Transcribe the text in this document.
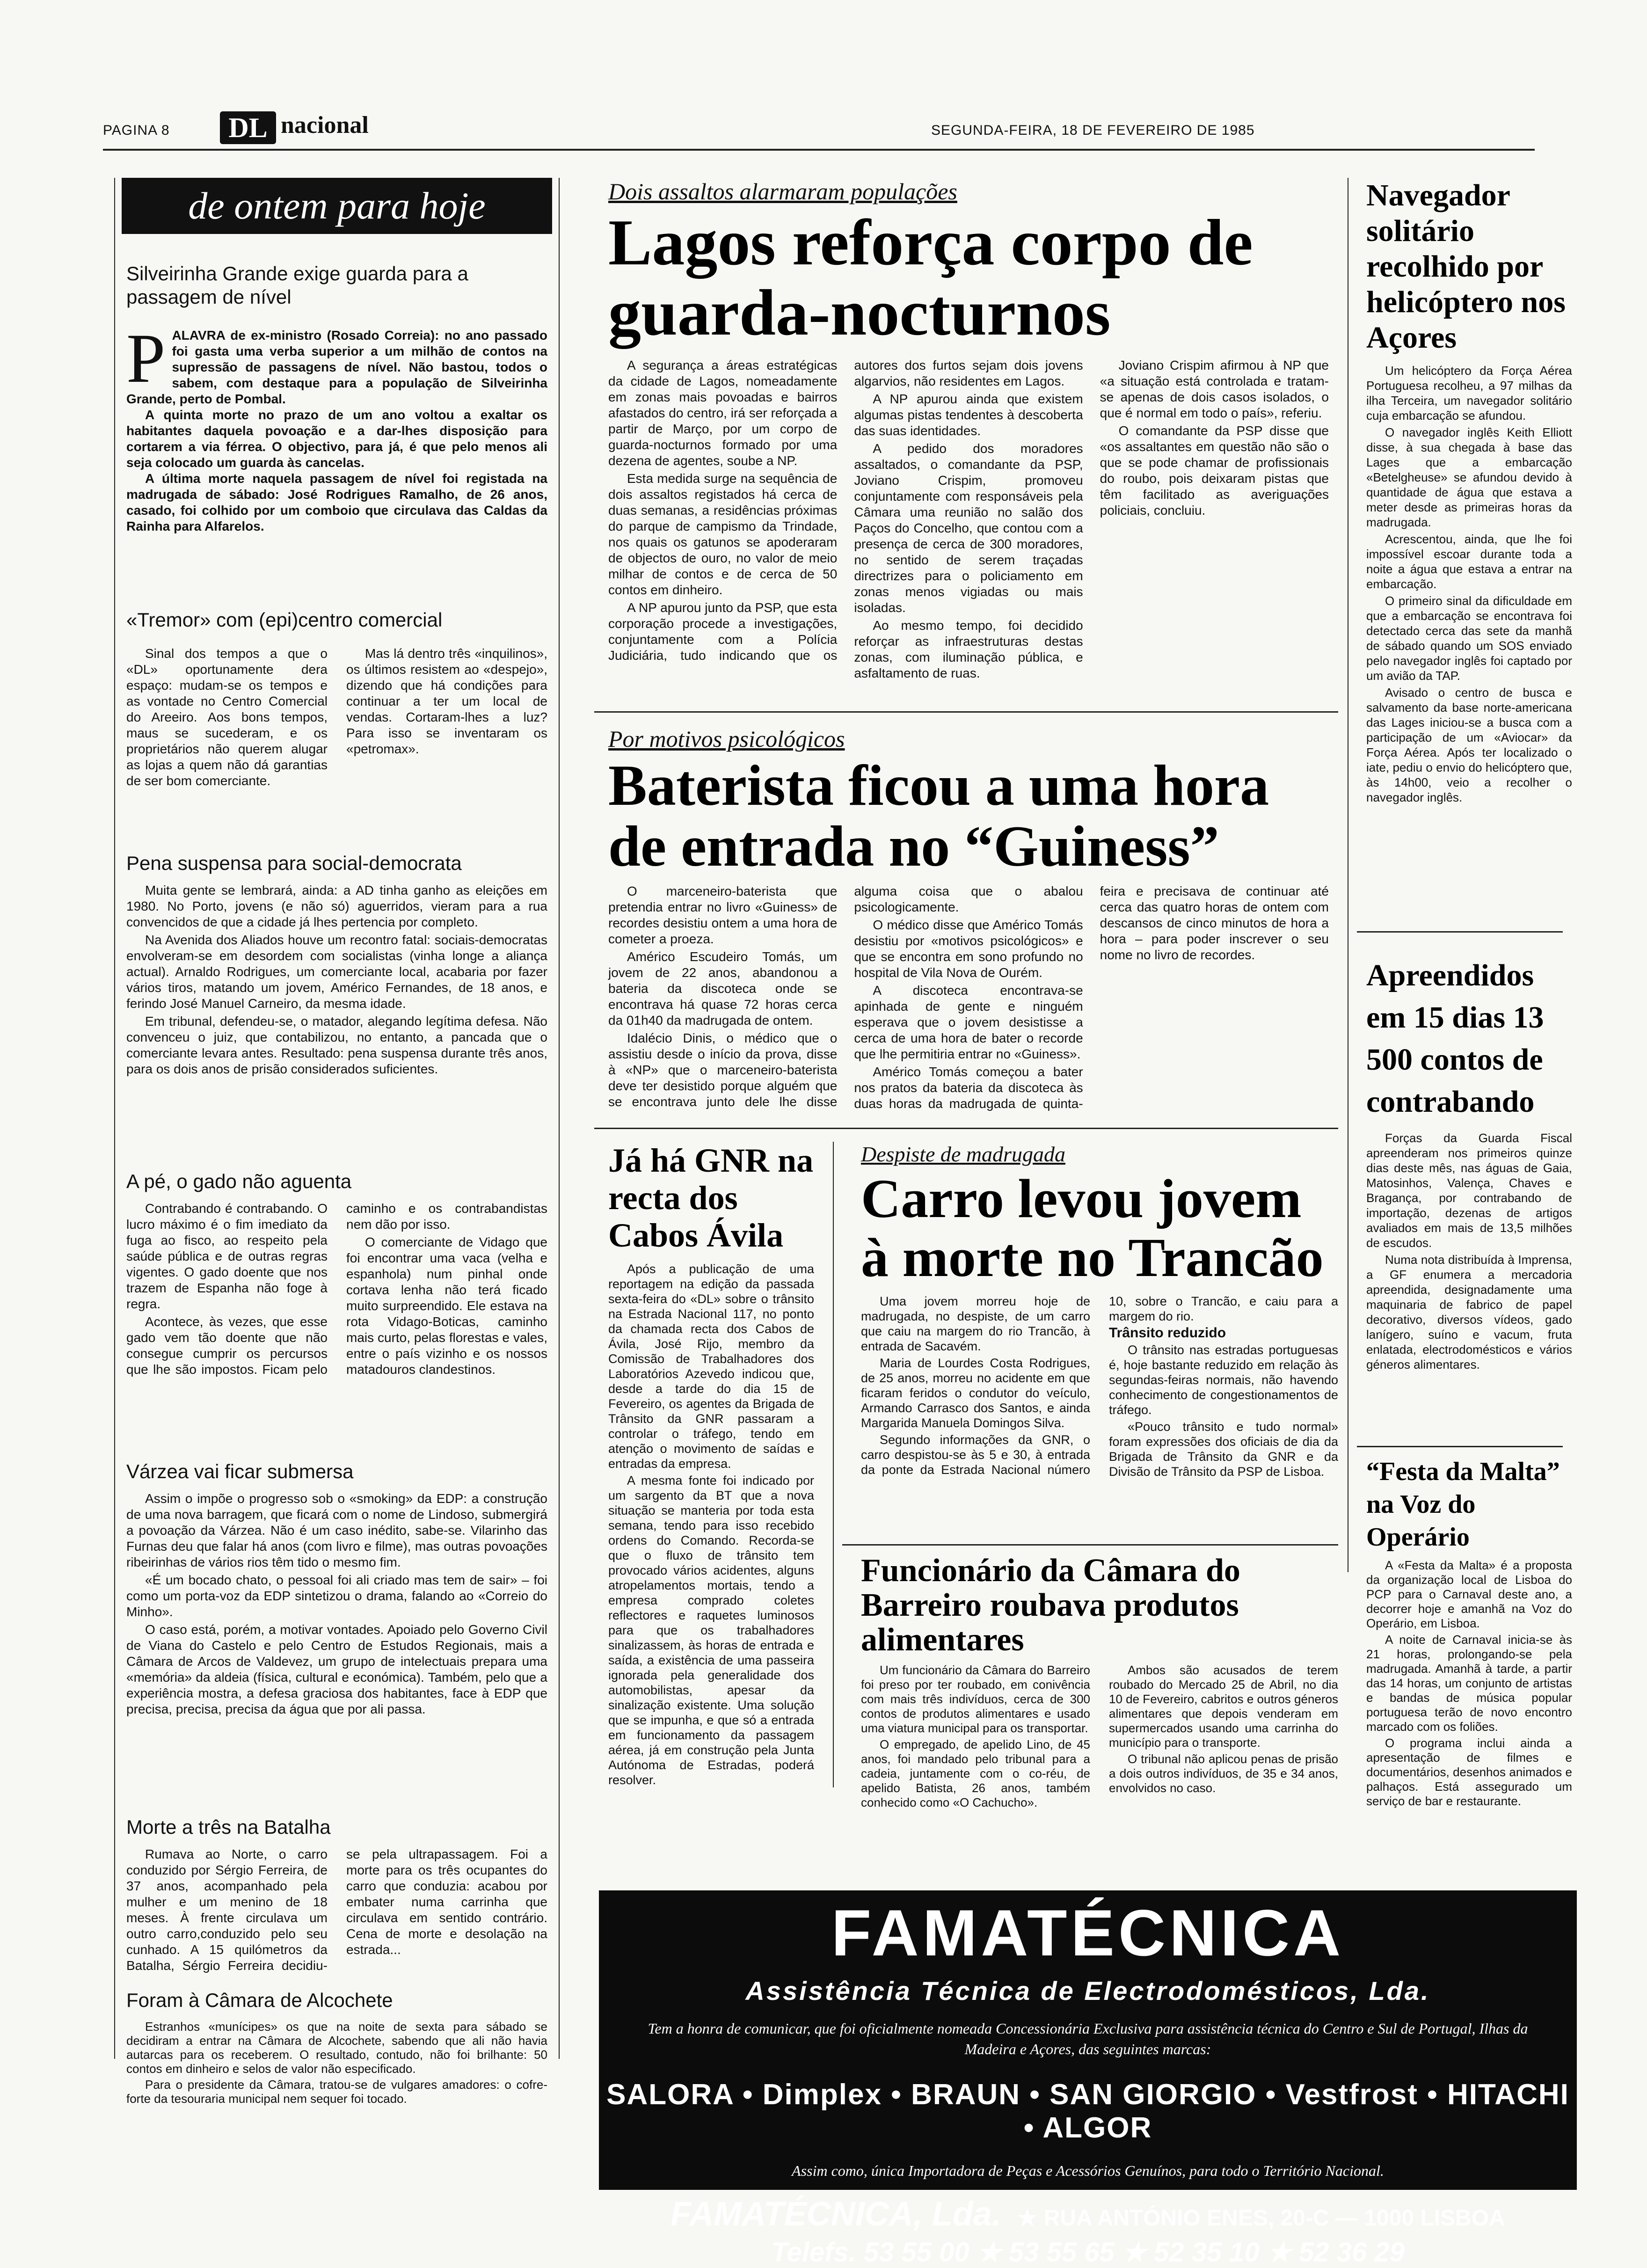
PAGINA 8	DL nacional	SEGUNDA-FEIRA, 18 DE FEVEREIRO DE 1985
de ontem para hoje
Silveirinha Grande exige guarda para a passagem de nível
P ALAVRA de ex-ministro (Rosado Correia): no ano passado foi gasta uma verba superior a um milhão de contos na supressão de passagens de nível. Não bastou, todos o sabem, com destaque para a população de Silveirinha Grande, perto de Pombal.
A quinta morte no prazo de um ano voltou a exaltar os habitantes daquela povoação e a dar-lhes disposição para cortarem a via férrea. O objectivo, para já, é que pelo menos ali seja colocado um guarda às cancelas.
A última morte naquela passagem de nível foi registada na madrugada de sábado: José Rodrigues Ramalho, de 26 anos, casado, foi colhido por um comboio que circulava das Caldas da Rainha para Alfarelos.
«Tremor» com (epi)centro comercial

Sinal dos tempos a que o «DL» oportunamente dera espaço: mudam-se os tempos e as vontade no Centro Comercial do Areeiro. Aos bons tempos, maus se sucederam, e os proprietários não querem alugar as lojas a quem não dá garantias de ser bom comerciante.

Mas lá dentro três «inquilinos», os últimos resistem ao «despejo», dizendo que há condições para continuar a ter um local de vendas. Cortaram-lhes a luz? Para isso se inventaram os «petromax».

Pena suspensa para social-democrata

Muita gente se lembrará, ainda: a AD tinha ganho as eleições em 1980. No Porto, jovens (e não só) aguerridos, vieram para a rua convencidos de que a cidade já lhes pertencia por completo.

Na Avenida dos Aliados houve um recontro fatal: sociais-democratas envolveram-se em desordem com socialistas (vinha longe a aliança actual). Arnaldo Rodrigues, um comerciante local, acabaria por fazer vários tiros, matando um jovem, Américo Fernandes, de 18 anos, e ferindo José Manuel Carneiro, da mesma idade.

Em tribunal, defendeu-se, o matador, alegando legítima defesa. Não convenceu o juiz, que contabilizou, no entanto, a pancada que o comerciante levara antes. Resultado: pena suspensa durante três anos, para os dois anos de prisão considerados suficientes.

A pé, o gado não aguenta

Contrabando é contrabando. O lucro máximo é o fim imediato da fuga ao fisco, ao respeito pela saúde pública e de outras regras vigentes. O gado doente que nos trazem de Espanha não foge à regra.

Acontece, às vezes, que esse gado vem tão doente que não consegue cumprir os percursos que lhe são impostos. Ficam pelo caminho e os contrabandistas nem dão por isso.

O comerciante de Vidago que foi encontrar uma vaca (velha e espanhola) num pinhal onde cortava lenha não terá ficado muito surpreendido. Ele estava na rota Vidago-Boticas, caminho mais curto, pelas florestas e vales, entre o país vizinho e os nossos matadouros clandestinos.

Várzea vai ficar submersa

Assim o impõe o progresso sob o «smoking» da EDP: a construção de uma nova barragem, que ficará com o nome de Lindoso, submergirá a povoação da Várzea. Não é um caso inédito, sabe-se. Vilarinho das Furnas deu que falar há anos (com livro e filme), mas outras povoações ribeirinhas de vários rios têm tido o mesmo fim.

«É um bocado chato, o pessoal foi ali criado mas tem de sair» – foi como um porta-voz da EDP sintetizou o drama, falando ao «Correio do Minho».

O caso está, porém, a motivar vontades. Apoiado pelo Governo Civil de Viana do Castelo e pelo Centro de Estudos Regionais, mais a Câmara de Arcos de Valdevez, um grupo de intelectuais prepara uma «memória» da aldeia (física, cultural e económica). Também, pelo que a experiência mostra, a defesa graciosa dos habitantes, face à EDP que precisa, precisa, precisa da água que por ali passa.

Morte a três na Batalha

Rumava ao Norte, o carro conduzido por Sérgio Ferreira, de 37 anos, acompanhado pela mulher e um menino de 18 meses. À frente circulava um outro carro,conduzido pelo seu cunhado. A 15 quilómetros da Batalha, Sérgio Ferreira decidiu-se pela ultrapassagem. Foi a morte para os três ocupantes do carro que conduzia: acabou por embater numa carrinha que circulava em sentido contrário. Cena de morte e desolação na estrada...

Foram à Câmara de Alcochete

Estranhos «munícipes» os que na noite de sexta para sábado se decidiram a entrar na Câmara de Alcochete, sabendo que ali não havia autarcas para os receberem. O resultado, contudo, não foi brilhante: 50 contos em dinheiro e selos de valor não especificado.

Para o presidente da Câmara, tratou-se de vulgares amadores: o cofre-forte da tesouraria municipal nem sequer foi tocado.

Dois assaltos alarmaram populações
Lagos reforça corpo de guarda-nocturnos

A segurança a áreas estratégicas da cidade de Lagos, nomeadamente em zonas mais povoadas e bairros afastados do centro, irá ser reforçada a partir de Março, por um corpo de guarda-nocturnos formado por uma dezena de agentes, soube a NP.

Esta medida surge na sequência de dois assaltos registados há cerca de duas semanas, a residências próximas do parque de campismo da Trindade, nos quais os gatunos se apoderaram de objectos de ouro, no valor de meio milhar de contos e de cerca de 50 contos em dinheiro.

A NP apurou junto da PSP, que esta corporação procede a investigações, conjuntamente com a Polícia Judiciária, tudo indicando que os autores dos furtos sejam dois jovens algarvios, não residentes em Lagos.

A NP apurou ainda que existem algumas pistas tendentes à descoberta das suas identidades.

A pedido dos moradores assaltados, o comandante da PSP, Joviano Crispim, promoveu conjuntamente com responsáveis pela Câmara uma reunião no salão dos Paços do Concelho, que contou com a presença de cerca de 300 moradores, no sentido de serem traçadas directrizes para o policiamento em zonas menos vigiadas ou mais isoladas.

Ao mesmo tempo, foi decidido reforçar as infraestruturas destas zonas, com iluminação pública, e asfaltamento de ruas.

Joviano Crispim afirmou à NP que «a situação está controlada e tratam-se apenas de dois casos isolados, o que é normal em todo o país», referiu.

O comandante da PSP disse que «os assaltantes em questão não são o que se pode chamar de profissionais do roubo, pois deixaram pistas que têm facilitado as averiguações policiais, concluiu.

Navegador solitário recolhido por helicóptero nos Açores

Um helicóptero da Força Aérea Portuguesa recolheu, a 97 milhas da ilha Terceira, um navegador solitário cuja embarcação se afundou.

O navegador inglês Keith Elliott disse, à sua chegada à base das Lages que a embarcação «Betelgheuse» se afundou devido à quantidade de água que estava a meter desde as primeiras horas da madrugada.

Acrescentou, ainda, que lhe foi impossível escoar durante toda a noite a água que estava a entrar na embarcação.

O primeiro sinal da dificuldade em que a embarcação se encontrava foi detectado cerca das sete da manhã de sábado quando um SOS enviado pelo navegador inglês foi captado por um avião da TAP.

Avisado o centro de busca e salvamento da base norte-americana das Lages iniciou-se a busca com a participação de um «Aviocar» da Força Aérea. Após ter localizado o iate, pediu o envio do helicóptero que, às 14h00, veio a recolher o navegador inglês.

Por motivos psicológicos
Baterista ficou a uma hora de entrada no “Guiness”

O marceneiro-baterista que pretendia entrar no livro «Guiness» de recordes desistiu ontem a uma hora de cometer a proeza.

Américo Escudeiro Tomás, um jovem de 22 anos, abandonou a bateria da discoteca onde se encontrava há quase 72 horas cerca da 01h40 da madrugada de ontem.

Idalécio Dinis, o médico que o assistiu desde o início da prova, disse à «NP» que o marceneiro-baterista deve ter desistido porque alguém que se encontrava junto dele lhe disse alguma coisa que o abalou psicologicamente.

O médico disse que Américo Tomás desistiu por «motivos psicológicos» e que se encontra em sono profundo no hospital de Vila Nova de Ourém.

A discoteca encontrava-se apinhada de gente e ninguém esperava que o jovem desistisse a cerca de uma hora de bater o recorde que lhe permitiria entrar no «Guiness».

Américo Tomás começou a bater nos pratos da bateria da discoteca às duas horas da madrugada de quinta-feira e precisava de continuar até cerca das quatro horas de ontem com descansos de cinco minutos de hora a hora – para poder inscrever o seu nome no livro de recordes.

Apreendidos em 15 dias 13 500 contos de contrabando

Forças da Guarda Fiscal apreenderam nos primeiros quinze dias deste mês, nas águas de Gaia, Matosinhos, Valença, Chaves e Bragança, por contrabando de importação, dezenas de artigos avaliados em mais de 13,5 milhões de escudos.

Numa nota distribuída à Imprensa, a GF enumera a mercadoria apreendida, designadamente uma maquinaria de fabrico de papel decorativo, diversos vídeos, gado lanígero, suíno e vacum, fruta enlatada, electrodomésticos e vários géneros alimentares.

Já há GNR na recta dos Cabos Ávila

Após a publicação de uma reportagem na edição da passada sexta-feira do «DL» sobre o trânsito na Estrada Nacional 117, no ponto da chamada recta dos Cabos de Ávila, José Rijo, membro da Comissão de Trabalhadores dos Laboratórios Azevedo indicou que, desde a tarde do dia 15 de Fevereiro, os agentes da Brigada de Trânsito da GNR passaram a controlar o tráfego, tendo em atenção o movimento de saídas e entradas da empresa.

A mesma fonte foi indicado por um sargento da BT que a nova situação se manteria por toda esta semana, tendo para isso recebido ordens do Comando. Recorda-se que o fluxo de trânsito tem provocado vários acidentes, alguns atropelamentos mortais, tendo a empresa comprado coletes reflectores e raquetes luminosos para que os trabalhadores sinalizassem, às horas de entrada e saída, a existência de uma passeira ignorada pela generalidade dos automobilistas, apesar da sinalização existente. Uma solução que se impunha, e que só a entrada em funcionamento da passagem aérea, já em construção pela Junta Autónoma de Estradas, poderá resolver.

Despiste de madrugada
Carro levou jovem à morte no Trancão

Uma jovem morreu hoje de madrugada, no despiste, de um carro que caiu na margem do rio Trancão, à entrada de Sacavém.

Maria de Lourdes Costa Rodrigues, de 25 anos, morreu no acidente em que ficaram feridos o condutor do veículo, Armando Carrasco dos Santos, e ainda Margarida Manuela Domingos Silva.

Segundo informações da GNR, o carro despistou-se às 5 e 30, à entrada da ponte da Estrada Nacional número 10, sobre o Trancão, e caiu para a margem do rio.

Trânsito reduzido

O trânsito nas estradas portuguesas é, hoje bastante reduzido em relação às segundas-feiras normais, não havendo conhecimento de congestionamentos de tráfego.

«Pouco trânsito e tudo normal» foram expressões dos oficiais de dia da Brigada de Trânsito da GNR e da Divisão de Trânsito da PSP de Lisboa.

Funcionário da Câmara do Barreiro roubava produtos alimentares

Um funcionário da Câmara do Barreiro foi preso por ter roubado, em conivência com mais três indivíduos, cerca de 300 contos de produtos alimentares e usado uma viatura municipal para os transportar.

O empregado, de apelido Lino, de 45 anos, foi mandado pelo tribunal para a cadeia, juntamente com o co-réu, de apelido Batista, 26 anos, também conhecido como «O Cachucho».

Ambos são acusados de terem roubado do Mercado 25 de Abril, no dia 10 de Fevereiro, cabritos e outros géneros alimentares que depois venderam em supermercados usando uma carrinha do município para o transporte.

O tribunal não aplicou penas de prisão a dois outros indivíduos, de 35 e 34 anos, envolvidos no caso.

“Festa da Malta” na Voz do Operário

A «Festa da Malta» é a proposta da organização local de Lisboa do PCP para o Carnaval deste ano, a decorrer hoje e amanhã na Voz do Operário, em Lisboa.

A noite de Carnaval inicia-se às 21 horas, prolongando-se pela madrugada. Amanhã à tarde, a partir das 14 horas, um conjunto de artistas e bandas de música popular portuguesa terão de novo encontro marcado com os foliões.

O programa inclui ainda a apresentação de filmes e documentários, desenhos animados e palhaços. Está assegurado um serviço de bar e restaurante.

FAMATÉCNICA
Assistência Técnica de Electrodomésticos, Lda.
Tem a honra de comunicar, que foi oficialmente nomeada Concessionária Exclusiva para assistência técnica do Centro e Sul de Portugal, Ilhas da Madeira e Açores, das seguintes marcas:
SALORA • Dimplex • BRAUN • SAN GIORGIO • Vestfrost • HITACHI • ALGOR
Assim como, única Importadora de Peças e Acessórios Genuínos, para todo o Território Nacional.
FAMATÉCNICA, Lda. ★ RUA ANTÓNIO ENES, 20-C — 1000 LISBOA
Telefs. 53 55 00 ★ 53 55 65 ★ 52 35 10 ★ 52 36 29
